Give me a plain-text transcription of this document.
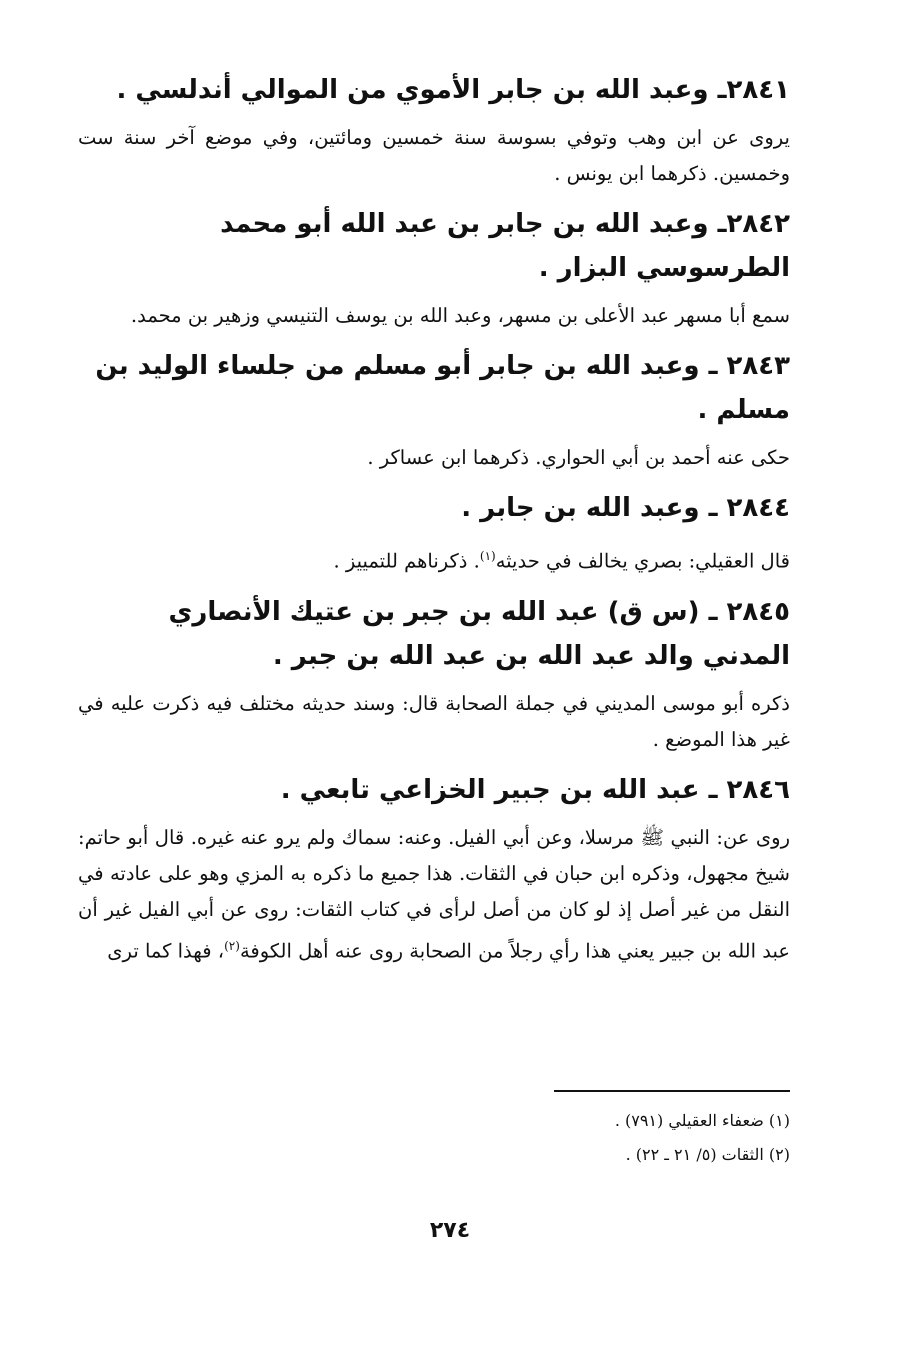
٢٨٤١ـ وعبد الله بن جابر الأموي من الموالي أندلسي .

يروى عن ابن وهب وتوفي بسوسة سنة خمسين ومائتين، وفي موضع آخر سنة ست وخمسين. ذكرهما ابن يونس .

٢٨٤٢ـ وعبد الله بن جابر بن عبد الله أبو محمد الطرسوسي البزار .

سمع أبا مسهر عبد الأعلى بن مسهر، وعبد الله بن يوسف التنيسي وزهير بن محمد.

٢٨٤٣ ـ وعبد الله بن جابر أبو مسلم من جلساء الوليد بن مسلم .

حكى عنه أحمد بن أبي الحواري. ذكرهما ابن عساكر .

٢٨٤٤ ـ وعبد الله بن جابر .

قال العقيلي: بصري يخالف في حديثه$^{(١)}$. ذكرناهم للتمييز .

٢٨٤٥ ـ (س ق) عبد الله بن جبر بن عتيك الأنصاري المدني والد عبد الله بن عبد الله بن جبر .

ذكره أبو موسى المديني في جملة الصحابة قال: وسند حديثه مختلف فيه ذكرت عليه في غير هذا الموضع .

٢٨٤٦ ـ عبد الله بن جبير الخزاعي تابعي .

روى عن: النبي ﷺ مرسلا، وعن أبي الفيل. وعنه: سماك ولم يرو عنه غيره. قال أبو حاتم: شيخ مجهول، وذكره ابن حبان في الثقات. هذا جميع ما ذكره به المزي وهو على عادته في النقل من غير أصل إذ لو كان من أصل لرأى في كتاب الثقات: روى عن أبي الفيل غير أن عبد الله بن جبير يعني هذا رأي رجلاً من الصحابة روى عنه أهل الكوفة$^{(٢)}$، فهذا كما ترى

(١) ضعفاء العقيلي (٧٩١) .

(٢) الثقات (٥/ ٢١ ـ ٢٢) .

٢٧٤
